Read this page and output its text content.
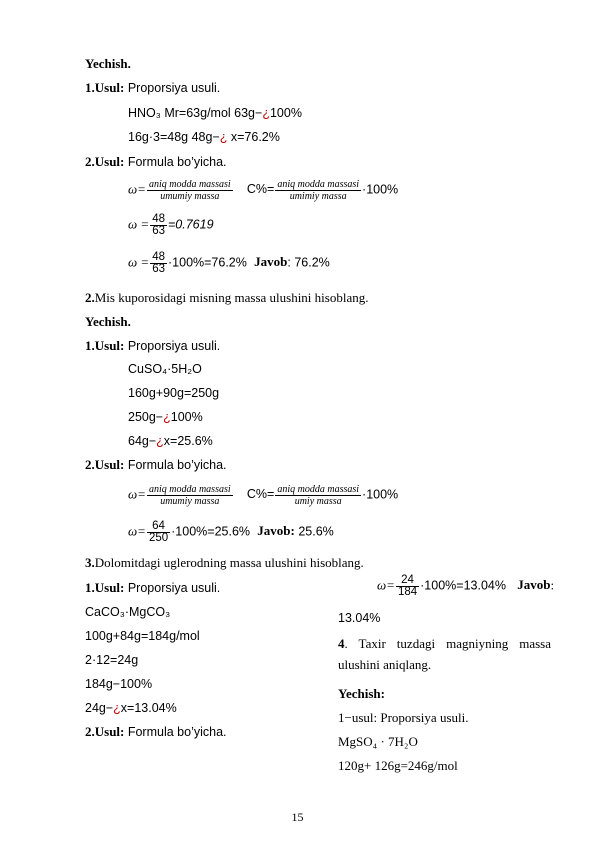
Yechish.
1.Usul: Proporsiya usuli.
HNO₃ Mr=63g/mol 63g−¿100%
16g·3=48g 48g−¿ x=76.2%
2.Usul: Formula bo’yicha.
$\omega= \frac{\text{aniq modda massasi}}{\text{umumiy massa}} C\%= \frac{\text{aniq modda massasi}}{\text{umimiy massa}} \cdot 100\%$
$\omega = \frac{48}{63} =0.7619$
$\omega = \frac{48}{63} \cdot 100\%=76.2\%$ Javob: 76.2%
2.Mis kuporosidagi misning massa ulushini hisoblang.
Yechish.
1.Usul: Proporsiya usuli.
CuSO₄·5H₂O
160g+90g=250g
250g−¿100%
64g−¿x=25.6%
2.Usul: Formula bo’yicha.
$\omega= \frac{\text{aniq modda massasi}}{\text{umumiy massa}} C\%= \frac{\text{aniq modda massasi}}{\text{umiy massa}} \cdot 100\%$
$\omega= \frac{64}{250} \cdot 100\%=25.6\%$ Javob: 25.6%
3.Dolomitdagi uglerodning massa ulushini hisoblang.
1.Usul: Proporsiya usuli.
CaCO₃·MgCO₃
100g+84g=184g/mol
2·12=24g
184g−100%
24g−¿x=13.04%
2.Usul: Formula bo’yicha.
$\omega= \frac{24}{184} \cdot 100\%=13.04\%$ Javob:
13.04%
4. Taxir tuzdagi magniyning massa ulushini aniqlang.
Yechish:
1−usul: Proporsiya usuli.
MgSO₄ · 7H₂O
120g+ 126g=246g/mol
15
